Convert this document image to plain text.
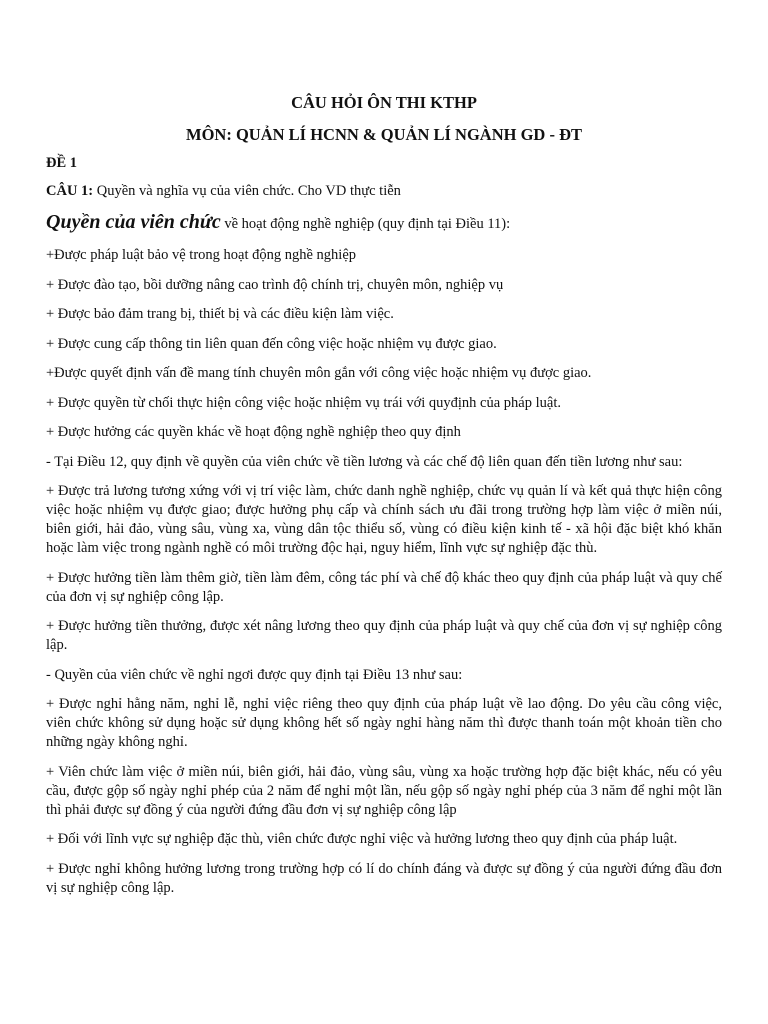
CÂU HỎI ÔN THI KTHP

MÔN: QUẢN LÍ HCNN & QUẢN LÍ NGÀNH GD - ĐT

ĐỀ 1

CÂU 1: Quyền và nghĩa vụ của viên chức. Cho VD thực tiễn

Quyền của viên chức về hoạt động nghề nghiệp (quy định tại Điều 11):

+Được pháp luật bảo vệ trong hoạt động nghề nghiệp

+ Được đào tạo, bồi dưỡng nâng cao trình độ chính trị, chuyên môn, nghiệp vụ

+ Được bảo đảm trang bị, thiết bị và các điều kiện làm việc.

+ Được cung cấp thông tin liên quan đến công việc hoặc nhiệm vụ được giao.

+Được quyết định vấn đề mang tính chuyên môn gắn với công việc hoặc nhiệm vụ được giao.

+ Được quyền từ chối thực hiện công việc hoặc nhiệm vụ trái với quyđịnh của pháp luật.

+ Được hưởng các quyền khác về hoạt động nghề nghiệp theo quy định

- Tại Điều 12, quy định về quyền của viên chức về tiền lương và các chế độ liên quan đến tiền lương như sau:

+ Được trả lương tương xứng với vị trí việc làm, chức danh nghề nghiệp, chức vụ quản lí và kết quả thực hiện công việc hoặc nhiệm vụ được giao; được hưởng phụ cấp và chính sách ưu đãi trong trường hợp làm việc ở miền núi, biên giới, hải đảo, vùng sâu, vùng xa, vùng dân tộc thiểu số, vùng có điều kiện kinh tế - xã hội đặc biệt khó khăn hoặc làm việc trong ngành nghề có môi trường độc hại, nguy hiểm, lĩnh vực sự nghiệp đặc thù.

+ Được hưởng tiền làm thêm giờ, tiền làm đêm, công tác phí và chế độ khác theo quy định của pháp luật và quy chế của đơn vị sự nghiệp công lập.

+ Được hưởng tiền thưởng, được xét nâng lương theo quy định của pháp luật và quy chế của đơn vị sự nghiệp công lập.

- Quyền của viên chức về nghỉ ngơi được quy định tại Điều 13 như sau:

+ Được nghỉ hằng năm, nghỉ lễ, nghỉ việc riêng theo quy định của pháp luật về lao động. Do yêu cầu công việc, viên chức không sử dụng hoặc sử dụng không hết số ngày nghỉ hàng năm thì được thanh toán một khoản tiền cho những ngày không nghỉ.

+ Viên chức làm việc ở miền núi, biên giới, hải đảo, vùng sâu, vùng xa hoặc trường hợp đặc biệt khác, nếu có yêu cầu, được gộp số ngày nghỉ phép của 2 năm để nghỉ một lần, nếu gộp số ngày nghỉ phép của 3 năm để nghỉ một lần thì phải được sự đồng ý của người đứng đầu đơn vị sự nghiệp công lập

+ Đối với lĩnh vực sự nghiệp đặc thù, viên chức được nghỉ việc và hưởng lương theo quy định của pháp luật.

+ Được nghỉ không hưởng lương trong trường hợp có lí do chính đáng và được sự đồng ý của người đứng đầu đơn vị sự nghiệp công lập.
